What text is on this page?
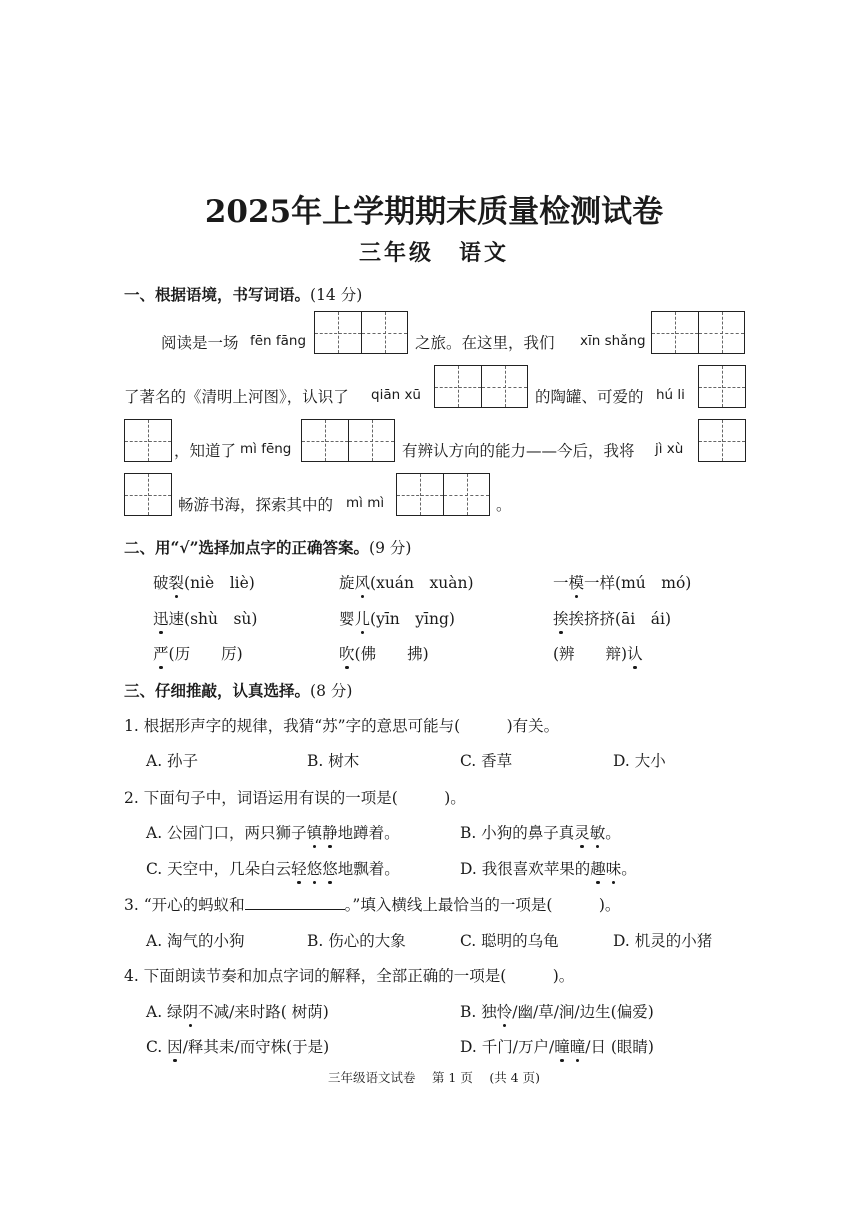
2025年上学期期末质量检测试卷
三年级　语文
一、根据语境，书写词语。(14 分)
阅读是一场 fēn fāng	之旅。在这里，我们 xīn shǎng
了著名的《清明上河图》，认识了 qiān xū	的陶罐、可爱的 hú li
，知道了 mì fēng	有辨认方向的能力——今后，我将 jì xù
畅游书海，探索其中的 mì mì	。
二、用“√”选择加点字的正确答案。(9 分)
破裂(niè　liè)	旋风(xuán　xuàn)	一模一样(mú　mó)
迅速(shù　sù)	婴儿(yīn　yīng)	挨挨挤挤(āi　ái)
严(历　　厉)	吹(佛　　拂)	(辨　　辩)认
三、仔细推敲，认真选择。(8 分)
1. 根据形声字的规律，我猜“苏”字的意思可能与(　　　)有关。
A. 孙子	B. 树木	C. 香草	D. 大小
2. 下面句子中，词语运用有误的一项是(　　　)。
A. 公园门口，两只狮子镇静地蹲着。	B. 小狗的鼻子真灵敏。
C. 天空中，几朵白云轻悠悠地飘着。	D. 我很喜欢苹果的趣味。
3. “开心的蚂蚁和	。”填入横线上最恰当的一项是(　　　)。
A. 淘气的小狗	B. 伤心的大象	C. 聪明的乌龟	D. 机灵的小猪
4. 下面朗读节奏和加点字词的解释，全部正确的一项是(　　　)。
A. 绿阴不减/来时路( 树荫)	B. 独怜/幽/草/涧/边生(偏爱)
C. 因/释其耒/而守株(于是)	D. 千门/万户/曈曈/日 (眼睛)
三年级语文试卷　 第 1 页　 (共 4 页)
